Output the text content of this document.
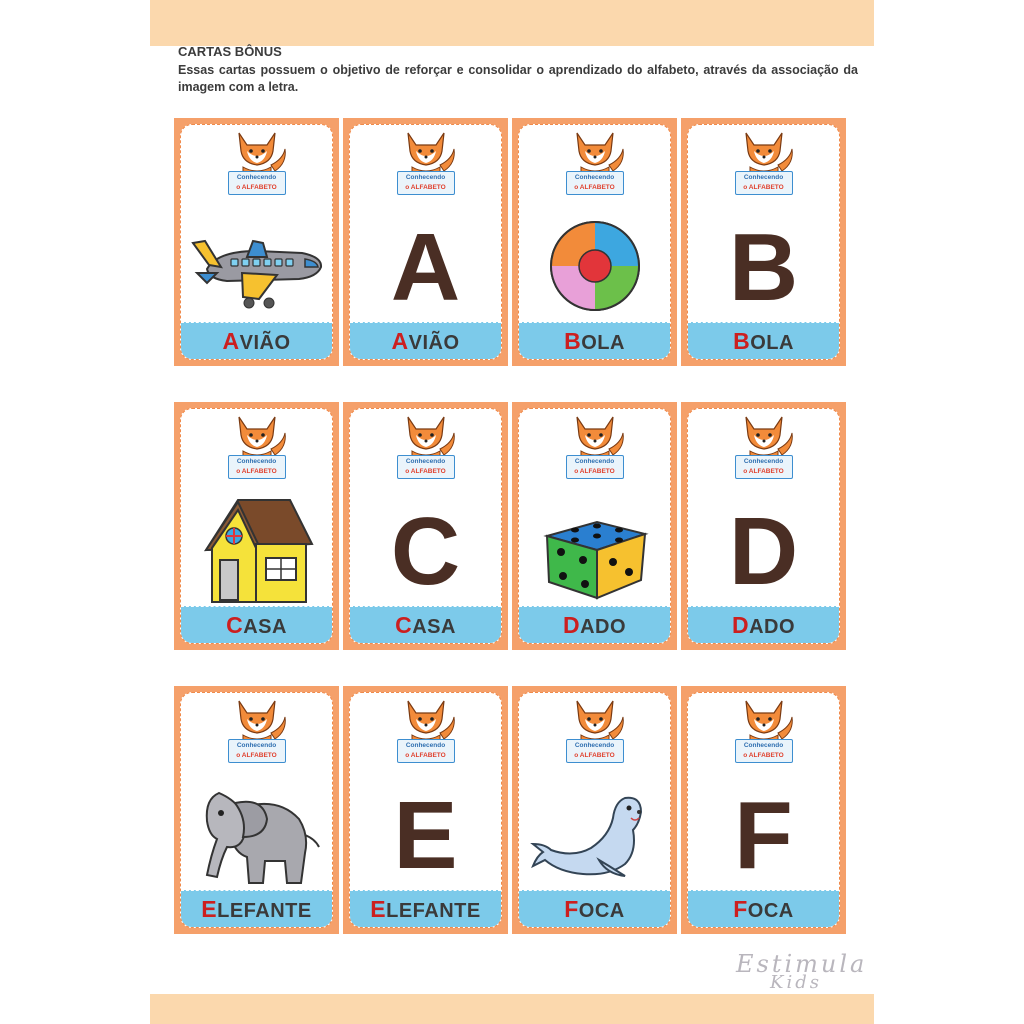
CARTAS BÔNUS
Essas cartas possuem o objetivo de reforçar e consolidar o aprendizado do alfabeto, através da associação da imagem com a letra.
Conhecendo
o ALFABETO
AVIÃO
Conhecendo
o ALFABETO
A
AVIÃO
Conhecendo
o ALFABETO
BOLA
Conhecendo
o ALFABETO
B
BOLA
Conhecendo
o ALFABETO
CASA
Conhecendo
o ALFABETO
C
CASA
Conhecendo
o ALFABETO
DADO
Conhecendo
o ALFABETO
D
DADO
Conhecendo
o ALFABETO
ELEFANTE
Conhecendo
o ALFABETO
E
ELEFANTE
Conhecendo
o ALFABETO
FOCA
Conhecendo
o ALFABETO
F
FOCA
Estimula
Kids
